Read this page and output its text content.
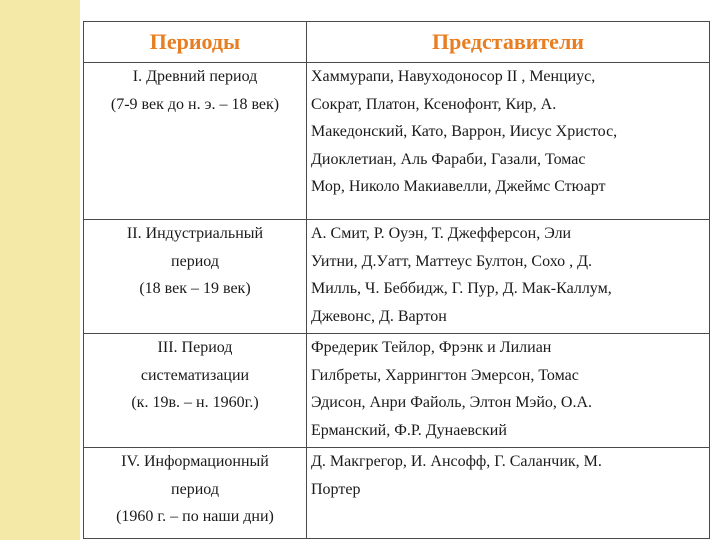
Периоды	Представители

I. Древний период
(7-9 век до н. э. – 18 век)	Хаммурапи, Навуходоносор II , Менциус,
Сократ, Платон, Ксенофонт, Кир, А.
Македонский, Като, Варрон, Иисус Христос,
Диоклетиан, Аль Фараби, Газали, Томас
Мор, Николо Макиавелли, Джеймс Стюарт

II. Индустриальный
период
(18 век – 19 век)	А. Смит, Р. Оуэн, Т. Джефферсон, Эли
Уитни, Д.Уатт, Маттеус Бултон, Сохо , Д.
Милль, Ч. Беббидж, Г. Пур, Д. Мак-Каллум,
Джевонс, Д. Вартон

III. Период
систематизации
(к. 19в. – н. 1960г.)	Фредерик Тейлор, Фрэнк и Лилиан
Гилбреты, Харрингтон Эмерсон, Томас
Эдисон, Анри Файоль, Элтон Мэйо, О.А.
Ерманский, Ф.Р. Дунаевский

IV. Информационный
период
(1960 г. – по наши дни)	Д. Макгрегор, И. Ансофф, Г. Саланчик, М.
Портер
